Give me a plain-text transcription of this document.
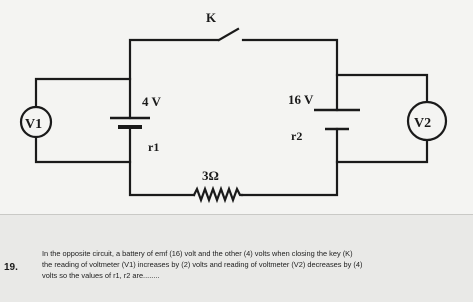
K
4 V
r1
16 V
r2
3Ω
V1	V2
19.
In the opposite circuit, a battery of emf (16) volt and the other (4) volts when closing the key (K)
the reading of voltmeter (V1) increases by (2) volts and reading of voltmeter (V2) decreases by (4)
volts so the values of r1, r2 are........
